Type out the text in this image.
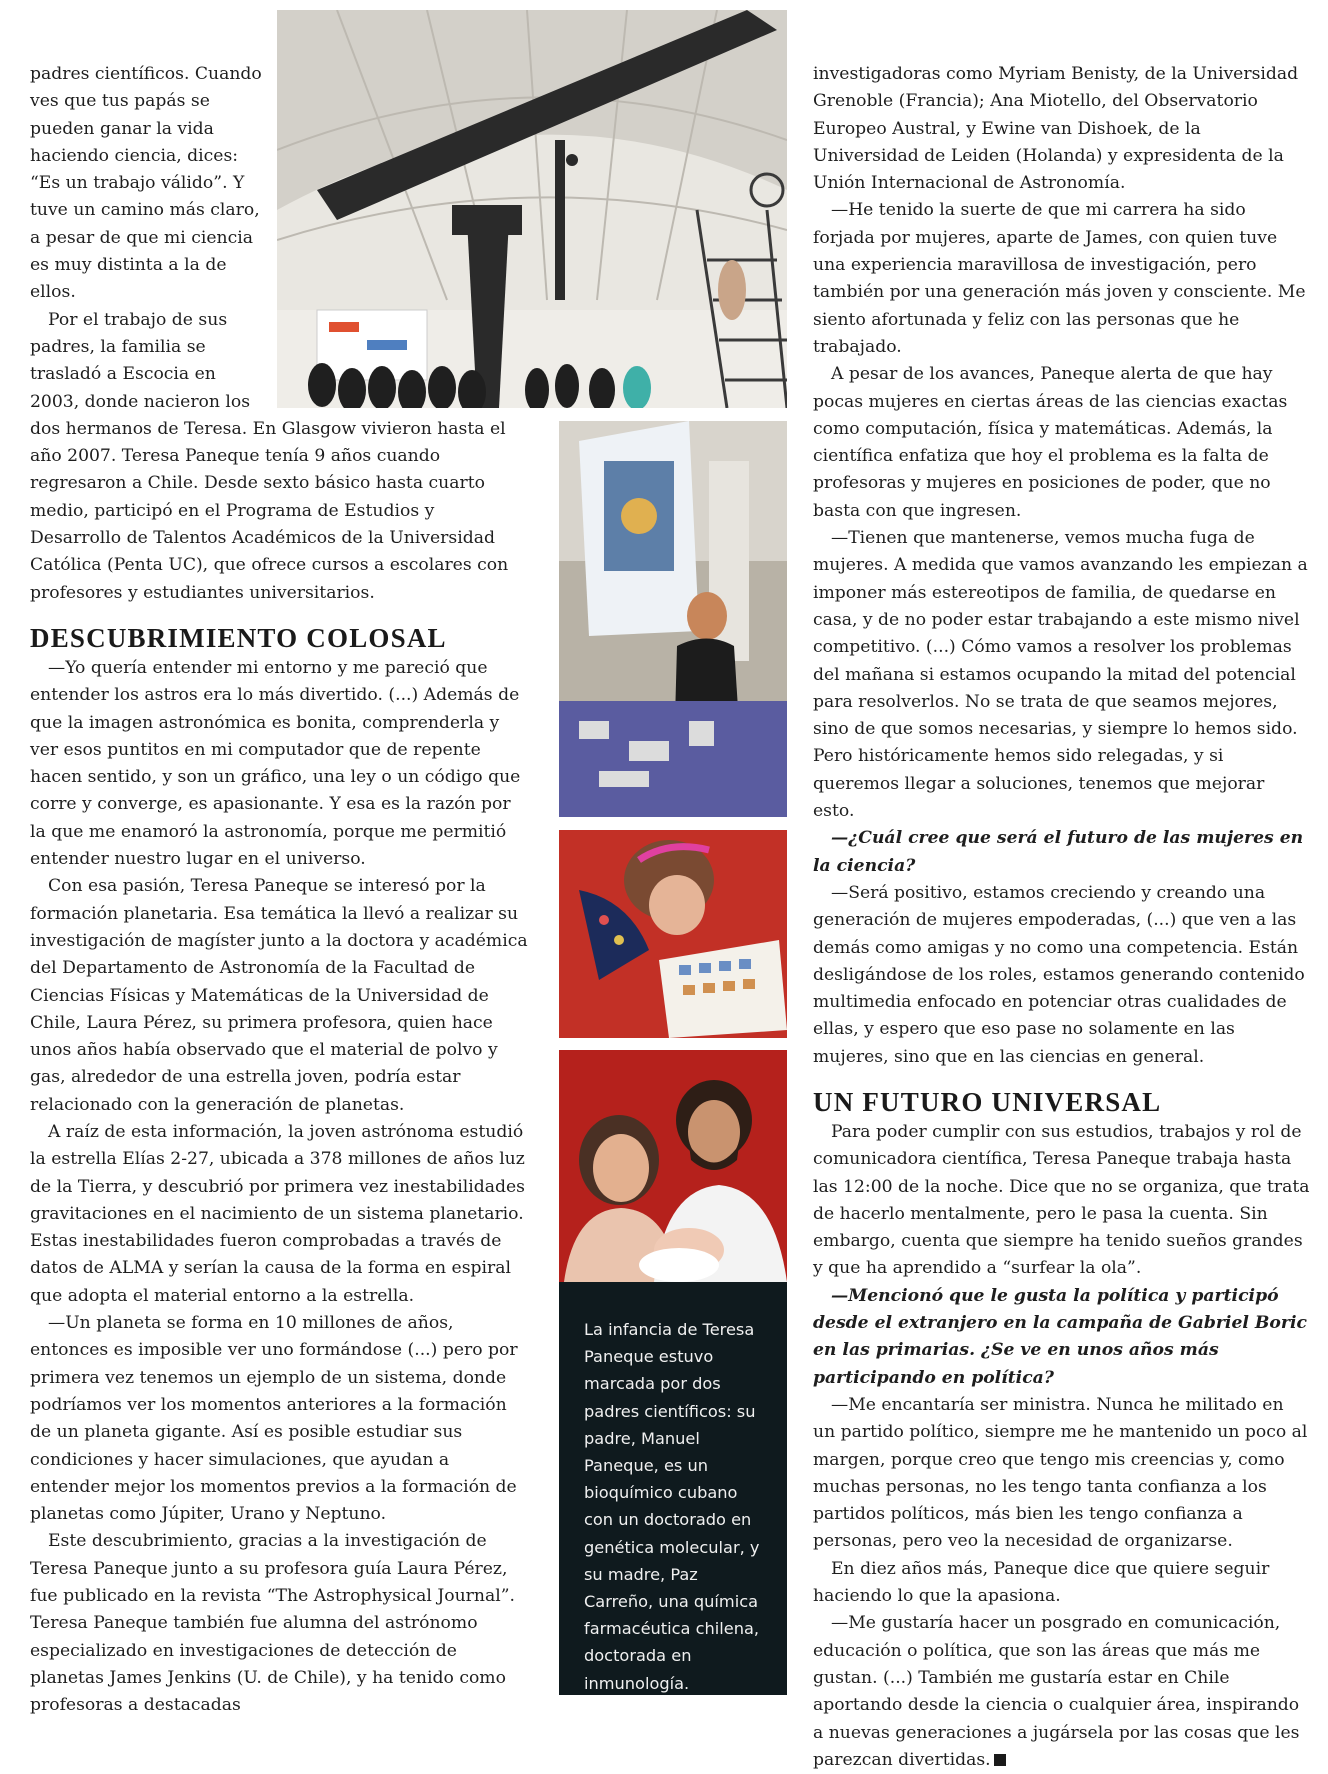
padres científicos. Cuando ves que tus papás se pueden ganar la vida haciendo ciencia, dices: “Es un trabajo válido”. Y tuve un camino más claro, a pesar de que mi ciencia es muy distinta a la de ellos.

Por el trabajo de sus padres, la familia se trasladó a Escocia en 2003, donde nacieron los dos hermanos de Teresa. En Glasgow vivieron hasta el año 2007. Teresa Paneque tenía 9 años cuando regresaron a Chile. Desde sexto básico hasta cuarto medio, participó en el Programa de Estudios y Desarrollo de Talentos Académicos de la Universidad Católica (Penta UC), que ofrece cursos a escolares con profesores y estudiantes universitarios.

DESCUBRIMIENTO COLOSAL

—Yo quería entender mi entorno y me pareció que entender los astros era lo más divertido. (...) Además de que la imagen astronómica es bonita, comprenderla y ver esos puntitos en mi computador que de repente hacen sentido, y son un gráfico, una ley o un código que corre y converge, es apasionante. Y esa es la razón por la que me enamoró la astronomía, porque me permitió entender nuestro lugar en el universo.

Con esa pasión, Teresa Paneque se interesó por la formación planetaria. Esa temática la llevó a realizar su investigación de magíster junto a la doctora y académica del Departamento de Astronomía de la Facultad de Ciencias Físicas y Matemáticas de la Universidad de Chile, Laura Pérez, su primera profesora, quien hace unos años había observado que el material de polvo y gas, alrededor de una estrella joven, podría estar relacionado con la generación de planetas.

A raíz de esta información, la joven astrónoma estudió la estrella Elías 2-27, ubicada a 378 millones de años luz de la Tierra, y descubrió por primera vez inestabilidades gravitaciones en el nacimiento de un sistema planetario. Estas inestabilidades fueron comprobadas a través de datos de ALMA y serían la causa de la forma en espiral que adopta el material entorno a la estrella.

—Un planeta se forma en 10 millones de años, entonces es imposible ver uno formándose (...) pero por primera vez tenemos un ejemplo de un sistema, donde podríamos ver los momentos anteriores a la formación de un planeta gigante. Así es posible estudiar sus condiciones y hacer simulaciones, que ayudan a entender mejor los momentos previos a la formación de planetas como Júpiter, Urano y Neptuno.

Este descubrimiento, gracias a la investigación de Teresa Paneque junto a su profesora guía Laura Pérez, fue publicado en la revista “The Astrophysical Journal”. Teresa Paneque también fue alumna del astrónomo especializado en investigaciones de detección de planetas James Jenkins (U. de Chile), y ha tenido como profesoras a destacadas

La infancia de Teresa Paneque estuvo marcada por dos padres científicos: su padre, Manuel Paneque, es un bioquímico cubano con un doctorado en genética molecular, y su madre, Paz Carreño, una química farmacéutica chilena, doctorada en inmunología.

investigadoras como Myriam Benisty, de la Universidad Grenoble (Francia); Ana Miotello, del Observatorio Europeo Austral, y Ewine van Dishoek, de la Universidad de Leiden (Holanda) y expresidenta de la Unión Internacional de Astronomía.

—He tenido la suerte de que mi carrera ha sido forjada por mujeres, aparte de James, con quien tuve una experiencia maravillosa de investigación, pero también por una generación más joven y consciente. Me siento afortunada y feliz con las personas que he trabajado.

A pesar de los avances, Paneque alerta de que hay pocas mujeres en ciertas áreas de las ciencias exactas como computación, física y matemáticas. Además, la científica enfatiza que hoy el problema es la falta de profesoras y mujeres en posiciones de poder, que no basta con que ingresen.

—Tienen que mantenerse, vemos mucha fuga de mujeres. A medida que vamos avanzando les empiezan a imponer más estereotipos de familia, de quedarse en casa, y de no poder estar trabajando a este mismo nivel competitivo. (...) Cómo vamos a resolver los problemas del mañana si estamos ocupando la mitad del potencial para resolverlos. No se trata de que seamos mejores, sino de que somos necesarias, y siempre lo hemos sido. Pero históricamente hemos sido relegadas, y si queremos llegar a soluciones, tenemos que mejorar esto.

—¿Cuál cree que será el futuro de las mujeres en la ciencia?

—Será positivo, estamos creciendo y creando una generación de mujeres empoderadas, (...) que ven a las demás como amigas y no como una competencia. Están desligándose de los roles, estamos generando contenido multimedia enfocado en potenciar otras cualidades de ellas, y espero que eso pase no solamente en las mujeres, sino que en las ciencias en general.

UN FUTURO UNIVERSAL

Para poder cumplir con sus estudios, trabajos y rol de comunicadora científica, Teresa Paneque trabaja hasta las 12:00 de la noche. Dice que no se organiza, que trata de hacerlo mentalmente, pero le pasa la cuenta. Sin embargo, cuenta que siempre ha tenido sueños grandes y que ha aprendido a “surfear la ola”.

—Mencionó que le gusta la política y participó desde el extranjero en la campaña de Gabriel Boric en las primarias. ¿Se ve en unos años más participando en política?

—Me encantaría ser ministra. Nunca he militado en un partido político, siempre me he mantenido un poco al margen, porque creo que tengo mis creencias y, como muchas personas, no les tengo tanta confianza a los partidos políticos, más bien les tengo confianza a personas, pero veo la necesidad de organizarse.

En diez años más, Paneque dice que quiere seguir haciendo lo que la apasiona.

—Me gustaría hacer un posgrado en comunicación, educación o política, que son las áreas que más me gustan. (...) También me gustaría estar en Chile aportando desde la ciencia o cualquier área, inspirando a nuevas generaciones a jugársela por las cosas que les parezcan divertidas.
